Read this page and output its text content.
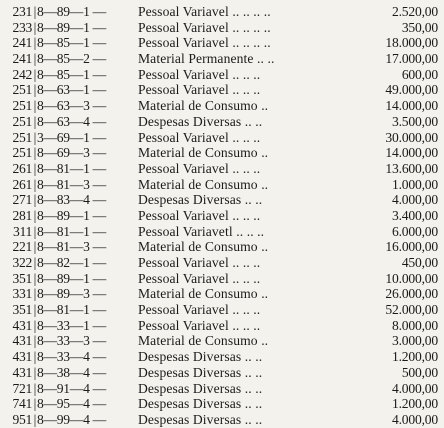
231 | 8—89—1 — Pessoal Variavel .. .. .. ..	2.520,00
233 | 8—89—1 — Pessoal Variavel .. .. .. ..	350,00
241 | 8—85—1 — Pessoal Variavel .. .. .. ..	18.000,00
241 | 8—85—2 — Material Permanente .. ..	17.000,00
242 | 8—85—1 — Pessoal Variavel .. .. ..	600,00
251 | 8—63—1 — Pessoal Variavel .. .. ..	49.000,00
251 | 8—63—3 — Material de Consumo ..	14.000,00
251 | 8—63—4 — Despesas Diversas .. ..	3.500,00
251 | 3—69—1 — Pessoal Variavel .. .. ..	30.000,00
251 | 8—69—3 — Material de Consumo ..	14.000,00
261 | 8—81—1 — Pessoal Variavel .. .. ..	13.600,00
261 | 8—81—3 — Material de Consumo ..	1.000,00
271 | 8—83—4 — Despesas Diversas .. ..	4.000,00
281 | 8—89—1 — Pessoal Variavel .. .. ..	3.400,00
311 | 8—81—1 — Pessoal Variavetl .. .. ..	6.000,00
221 | 8—81—3 — Material de Consumo ..	16.000,00
322 | 8—82—1 — Pessoal Variavel .. .. ..	450,00
351 | 8—89—1 — Pessoal Variavel .. .. ..	10.000,00
331 | 8—89—3 — Material de Consumo ..	26.000,00
351 | 8—81—1 — Pessoal Variavel .. .. ..	52.000,00
431 | 8—33—1 — Pessoal Variavel .. .. ..	8.000,00
431 | 8—33—3 — Material de Consumo ..	3.000,00
431 | 8—33—4 — Despesas Diversas .. ..	1.200,00
431 | 8—38—4 — Despesas Diversas .. ..	500,00
721 | 8—91—4 — Despesas Diversas .. ..	4.000,00
741 | 8—95—4 — Despesas Diversas .. ..	1.200,00
951 | 8—99—4 — Despesas Diversas .. ..	4.000,00
